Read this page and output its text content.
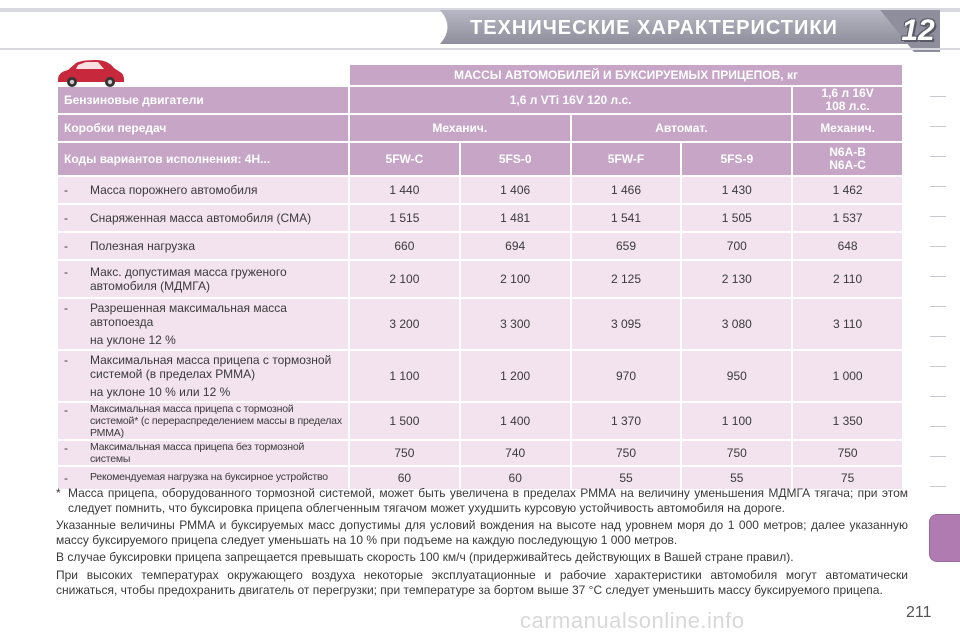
ТЕХНИЧЕСКИЕ ХАРАКТЕРИСТИКИ 12
	МАССЫ АВТОМОБИЛЕЙ И БУКСИРУЕМЫХ ПРИЦЕПОВ, кг				
Бензиновые двигатели	1,6 л VTi 16V 120 л.с.				1,6 л 16V
108 л.с.
Коробки передач	Механич.		Автомат.		Механич.
Коды вариантов исполнения: 4H...	5FW-C	5FS-0	5FW-F	5FS-9	N6A-B
N6A-C

- Масса порожнего автомобиля	1 440	1 406	1 466	1 430	1 462

- Снаряженная масса автомобиля (СМА)	1 515	1 481	1 541	1 505	1 537

- Полезная нагрузка	660	694	659	700	648

- Макс. допустимая масса груженого автомобиля (МДМГА)	2 100	2 100	2 125	2 130	2 110

- Разрешенная максимальная масса автопоезда
на уклоне 12 %	3 200	3 300	3 095	3 080	3 110

- Максимальная масса прицепа с тормозной системой (в пределах РММА)
на уклоне 10 % или 12 %	1 100	1 200	970	950	1 000

- Максимальная масса прицепа с тормозной системой* (с перераспределением массы в пределах РММА)	1 500	1 400	1 370	1 100	1 350

- Максимальная масса прицепа без тормозной системы	750	740	750	750	750

- Рекомендуемая нагрузка на буксирное устройство	60	60	55	55	75
* Масса прицепа, оборудованного тормозной системой, может быть увеличена в пределах РММА на величину уменьшения МДМГА тягача; при этом следует помнить, что буксировка прицепа облегченным тягачом может ухудшить курсовую устойчивость автомобиля на дороге.

Указанные величины РММА и буксируемых масс допустимы для условий вождения на высоте над уровнем моря до 1 000 метров; далее указанную массу буксируемого прицепа следует уменьшать на 10 % при подъеме на каждую последующую 1 000 метров.

В случае буксировки прицепа запрещается превышать скорость 100 км/ч (придерживайтесь действующих в Вашей стране правил).

При высоких температурах окружающего воздуха некоторые эксплуатационные и рабочие характеристики автомобиля могут автоматически снижаться, чтобы предохранить двигатель от перегрузки; при температуре за бортом выше 37 °C следует уменьшить массу буксируемого прицепа.

carmanualsonline.info	211
